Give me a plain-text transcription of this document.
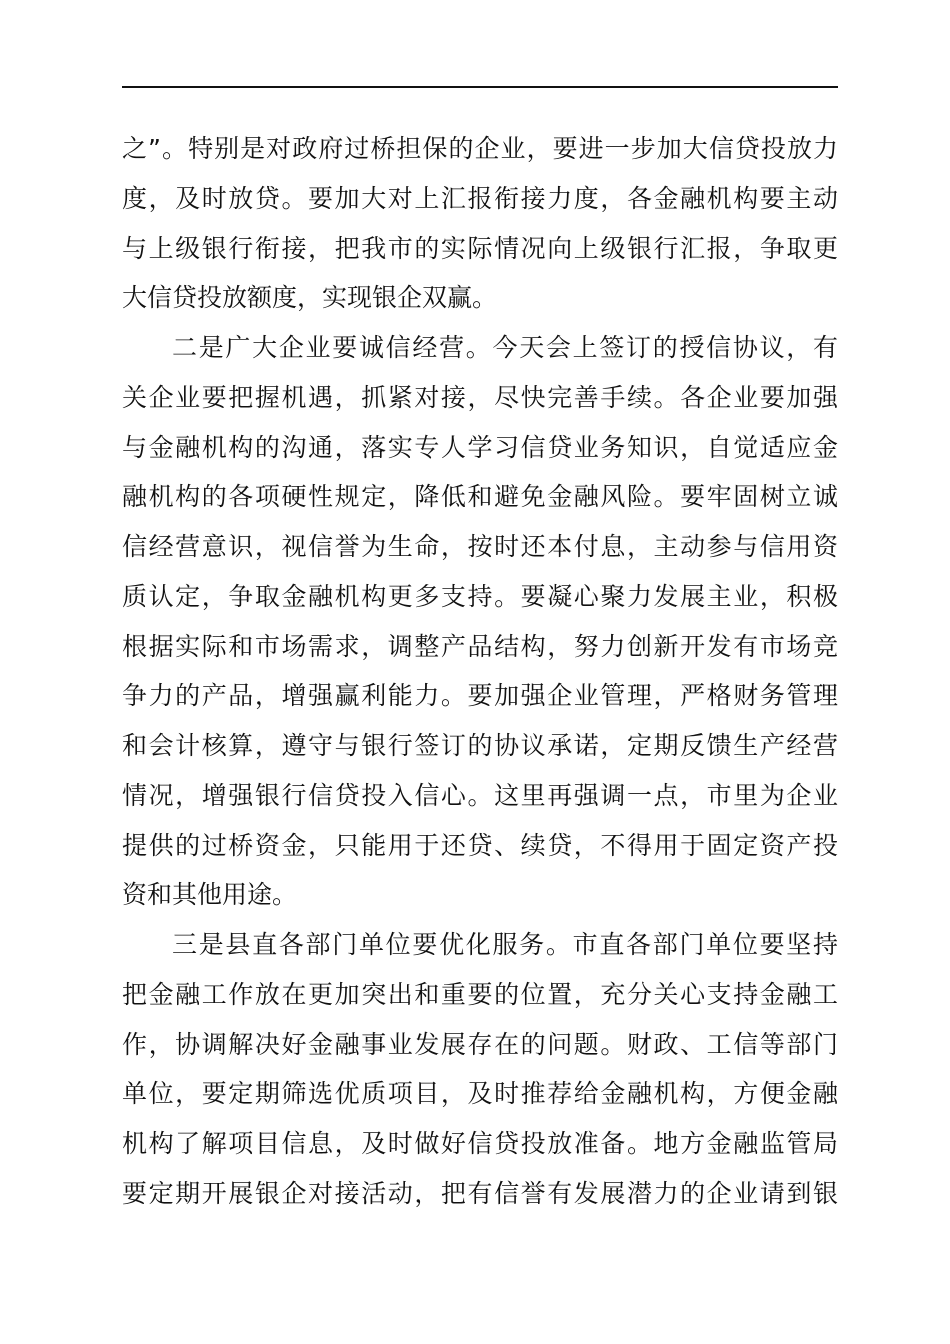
之”。特别是对政府过桥担保的企业，要进一步加大信贷投放力
度，及时放贷。要加大对上汇报衔接力度，各金融机构要主动
与上级银行衔接，把我市的实际情况向上级银行汇报，争取更
大信贷投放额度，实现银企双赢。
二是广大企业要诚信经营。今天会上签订的授信协议，有
关企业要把握机遇，抓紧对接，尽快完善手续。各企业要加强
与金融机构的沟通，落实专人学习信贷业务知识，自觉适应金
融机构的各项硬性规定，降低和避免金融风险。要牢固树立诚
信经营意识，视信誉为生命，按时还本付息，主动参与信用资
质认定，争取金融机构更多支持。要凝心聚力发展主业，积极
根据实际和市场需求，调整产品结构，努力创新开发有市场竞
争力的产品，增强赢利能力。要加强企业管理，严格财务管理
和会计核算，遵守与银行签订的协议承诺，定期反馈生产经营
情况，增强银行信贷投入信心。这里再强调一点，市里为企业
提供的过桥资金，只能用于还贷、续贷，不得用于固定资产投
资和其他用途。
三是县直各部门单位要优化服务。市直各部门单位要坚持
把金融工作放在更加突出和重要的位置，充分关心支持金融工
作，协调解决好金融事业发展存在的问题。财政、工信等部门
单位，要定期筛选优质项目，及时推荐给金融机构，方便金融
机构了解项目信息，及时做好信贷投放准备。地方金融监管局
要定期开展银企对接活动，把有信誉有发展潜力的企业请到银
